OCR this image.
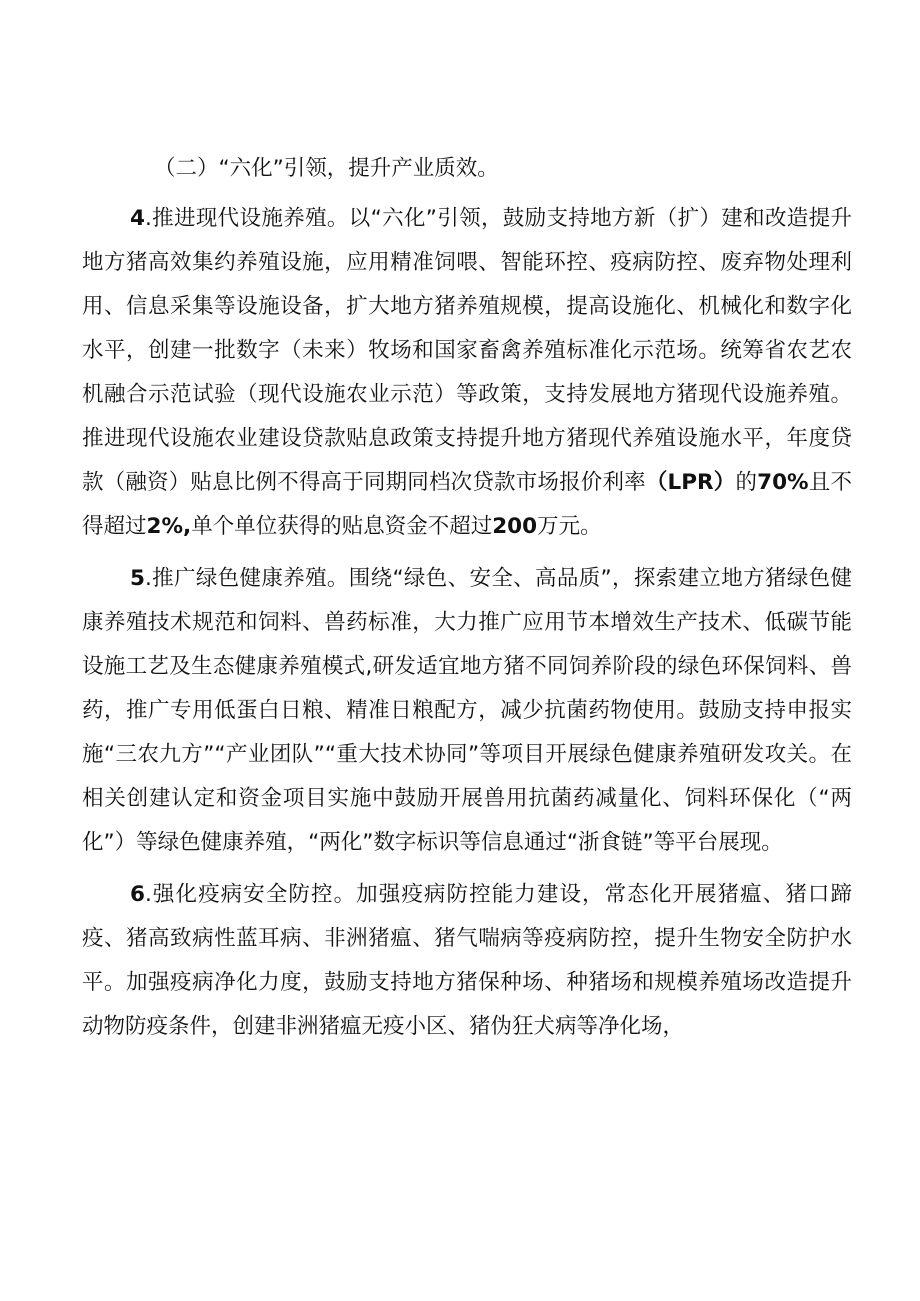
（二）“六化”引领，提升产业质效。

4.推进现代设施养殖。以“六化”引领，鼓励支持地方新（扩）建和改造提升地方猪高效集约养殖设施，应用精准饲喂、智能环控、疫病防控、废弃物处理利用、信息采集等设施设备，扩大地方猪养殖规模，提高设施化、机械化和数字化水平，创建一批数字（未来）牧场和国家畜禽养殖标准化示范场。统筹省农艺农机融合示范试验（现代设施农业示范）等政策，支持发展地方猪现代设施养殖。推进现代设施农业建设贷款贴息政策支持提升地方猪现代养殖设施水平，年度贷款（融资）贴息比例不得高于同期同档次贷款市场报价利率（LPR）的70%且不得超过2%,单个单位获得的贴息资金不超过200万元。

5.推广绿色健康养殖。围绕“绿色、安全、高品质”，探索建立地方猪绿色健康养殖技术规范和饲料、兽药标准，大力推广应用节本增效生产技术、低碳节能设施工艺及生态健康养殖模式,研发适宜地方猪不同饲养阶段的绿色环保饲料、兽药，推广专用低蛋白日粮、精准日粮配方，减少抗菌药物使用。鼓励支持申报实施“三农九方”“产业团队”“重大技术协同”等项目开展绿色健康养殖研发攻关。在相关创建认定和资金项目实施中鼓励开展兽用抗菌药减量化、饲料环保化（“两化”）等绿色健康养殖，“两化”数字标识等信息通过“浙食链”等平台展现。

6.强化疫病安全防控。加强疫病防控能力建设，常态化开展猪瘟、猪口蹄疫、猪高致病性蓝耳病、非洲猪瘟、猪气喘病等疫病防控，提升生物安全防护水平。加强疫病净化力度，鼓励支持地方猪保种场、种猪场和规模养殖场改造提升动物防疫条件，创建非洲猪瘟无疫小区、猪伪狂犬病等净化场，
